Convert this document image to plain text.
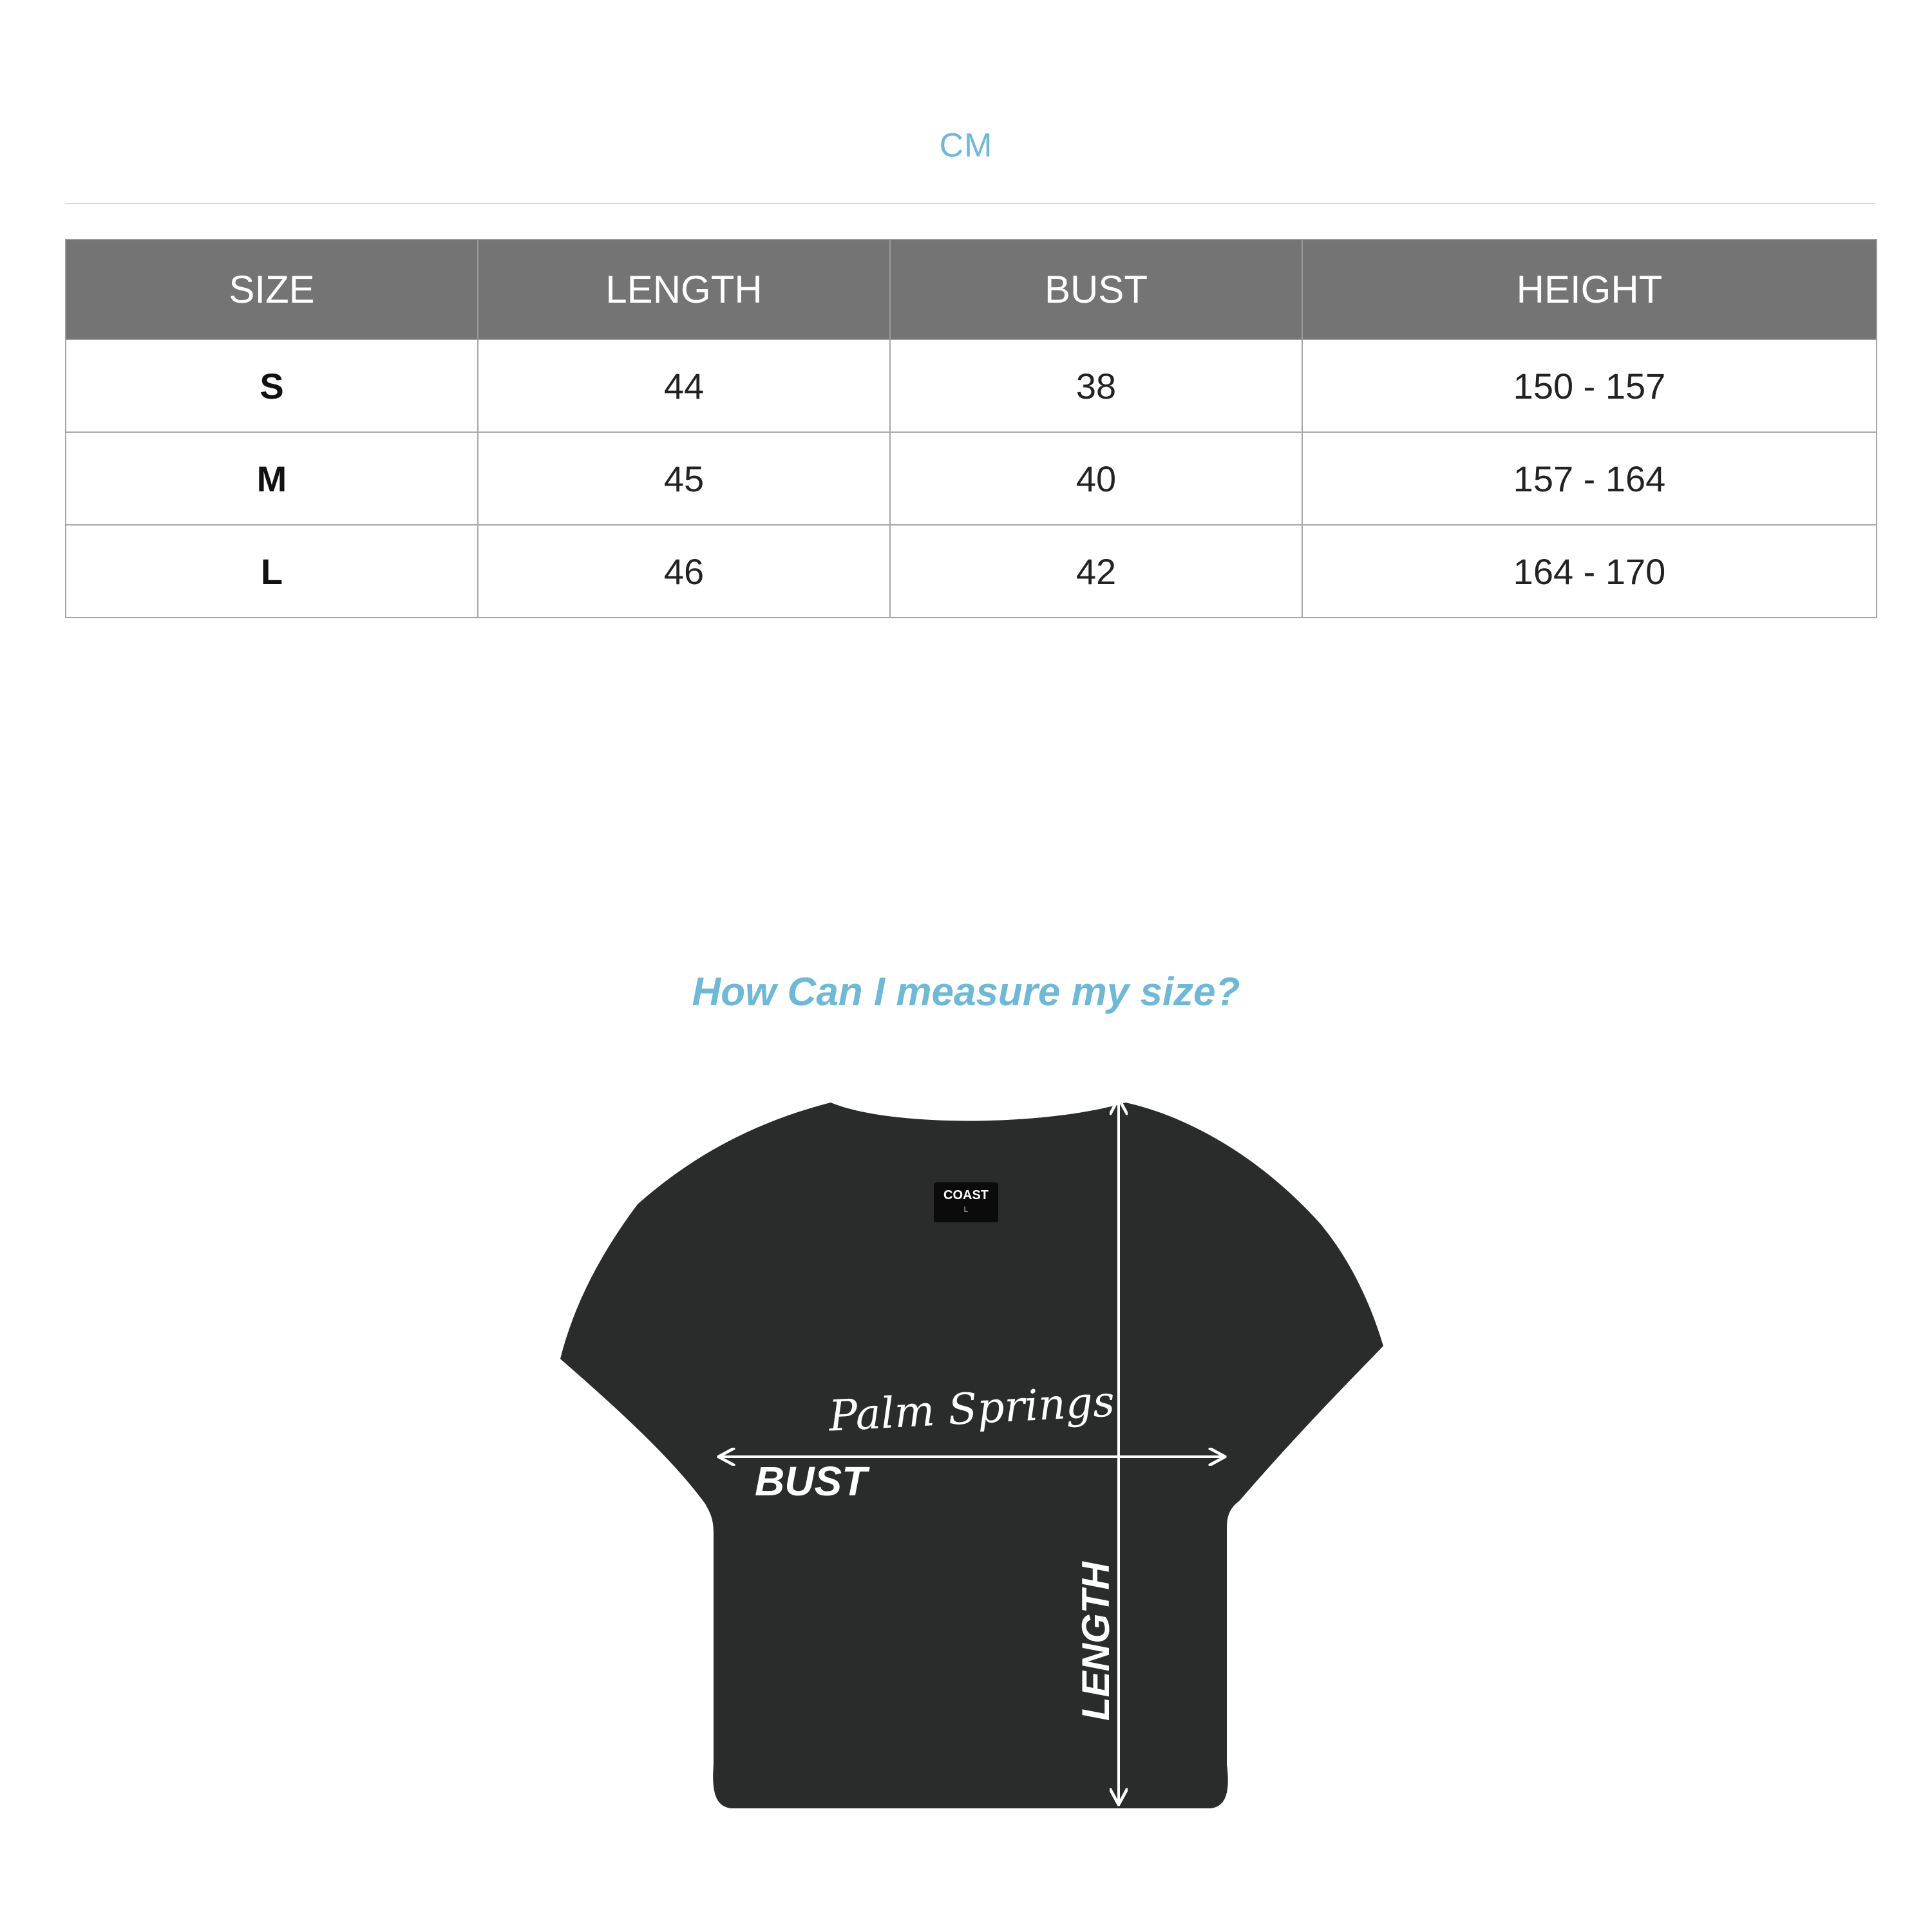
CM
SIZE	LENGTH	BUST	HEIGHT
S	44	38	150 - 157
M	45	40	157 - 164
L	46	42	164 - 170
How Can I measure my size?
COAST
L
Palm Springs
BUST
LENGTH
